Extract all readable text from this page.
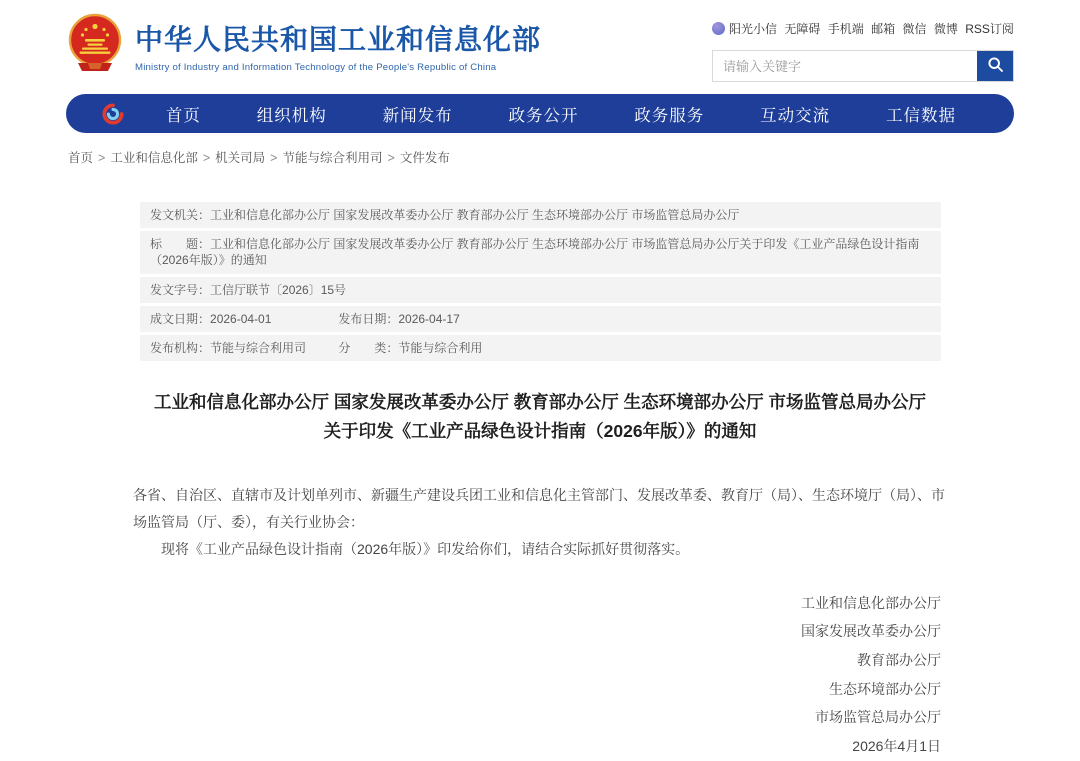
中华人民共和国工业和信息化部
Ministry of Industry and Information Technology of the People's Republic of China
阳光小信 无障碍 手机端 邮箱 微信 微博 RSS订阅
请输入关键字
首页	组织机构	新闻发布	政务公开	政务服务	互动交流	工信数据
首页 > 工业和信息化部 > 机关司局 > 节能与综合利用司 > 文件发布
发文机关：工业和信息化部办公厅 国家发展改革委办公厅 教育部办公厅 生态环境部办公厅 市场监管总局办公厅
标　　题：工业和信息化部办公厅 国家发展改革委办公厅 教育部办公厅 生态环境部办公厅 市场监管总局办公厅关于印发《工业产品绿色设计指南（2026年版）》的通知
发文字号：工信厅联节〔2026〕15号
成文日期：2026-04-01	发布日期：2026-04-17
发布机构：节能与综合利用司	分　　类：节能与综合利用
工业和信息化部办公厅 国家发展改革委办公厅 教育部办公厅 生态环境部办公厅 市场监管总局办公厅
关于印发《工业产品绿色设计指南（2026年版）》的通知

各省、自治区、直辖市及计划单列市、新疆生产建设兵团工业和信息化主管部门、发展改革委、教育厅（局）、生态环境厅（局）、市场监管局（厅、委），有关行业协会：

现将《工业产品绿色设计指南（2026年版）》印发给你们，请结合实际抓好贯彻落实。

工业和信息化部办公厅
国家发展改革委办公厅
教育部办公厅
生态环境部办公厅
市场监管总局办公厅
2026年4月1日
